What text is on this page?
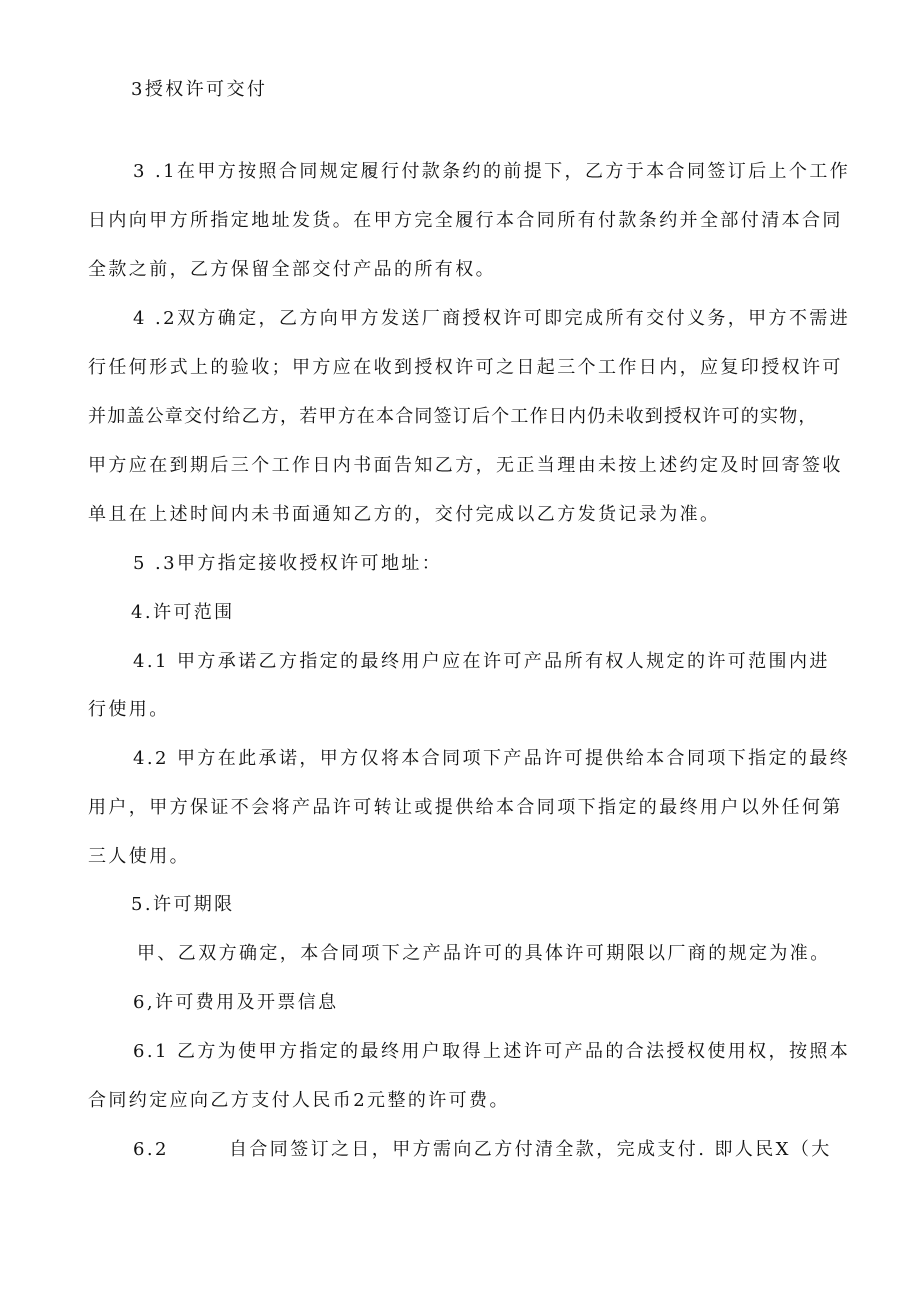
3授权许可交付
3 .1在甲方按照合同规定履行付款条约的前提下，乙方于本合同签订后上个工作
日内向甲方所指定地址发货。在甲方完全履行本合同所有付款条约并全部付清本合同
全款之前，乙方保留全部交付产品的所有权。
4 .2双方确定，乙方向甲方发送厂商授权许可即完成所有交付义务，甲方不需进
行任何形式上的验收；甲方应在收到授权许可之日起三个工作日内，应复印授权许可
并加盖公章交付给乙方，若甲方在本合同签订后个工作日内仍未收到授权许可的实物，
甲方应在到期后三个工作日内书面告知乙方，无正当理由未按上述约定及时回寄签收
单且在上述时间内未书面通知乙方的，交付完成以乙方发货记录为准。
5 .3甲方指定接收授权许可地址：
4.许可范围
4.1 甲方承诺乙方指定的最终用户应在许可产品所有权人规定的许可范围内进
行使用。
4.2 甲方在此承诺，甲方仅将本合同项下产品许可提供给本合同项下指定的最终
用户，甲方保证不会将产品许可转让或提供给本合同项下指定的最终用户以外任何第
三人使用。
5.许可期限
甲、乙双方确定，本合同项下之产品许可的具体许可期限以厂商的规定为准。
6,许可费用及开票信息
6.1 乙方为使甲方指定的最终用户取得上述许可产品的合法授权使用权，按照本
合同约定应向乙方支付人民币2元整的许可费。
6.2	自合同签订之日，甲方需向乙方付清全款，完成支付. 即人民X（大
